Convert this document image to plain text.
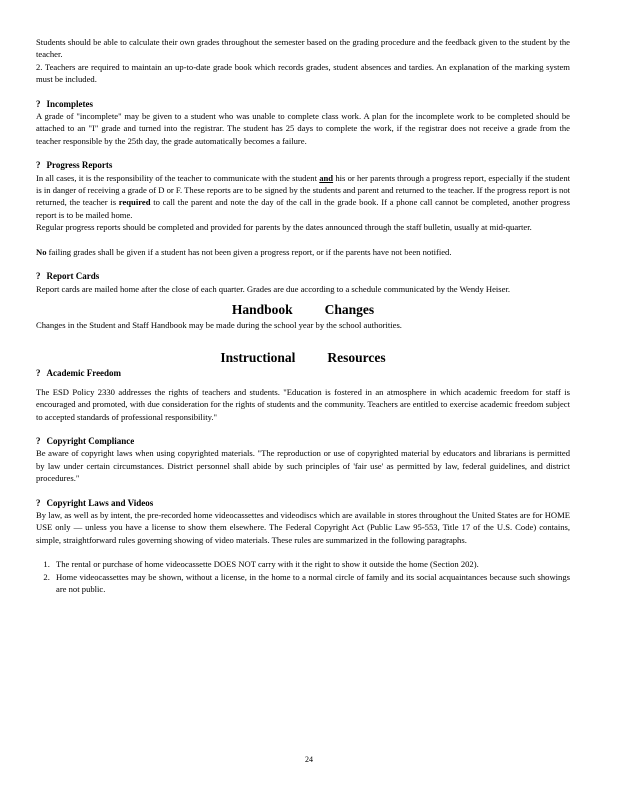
Students should be able to calculate their own grades throughout the semester based on the grading procedure and the feedback given to the student by the teacher.

2. Teachers are required to maintain an up-to-date grade book which records grades, student absences and tardies. An explanation of the marking system must be included.

? Incompletes

A grade of "incomplete" may be given to a student who was unable to complete class work. A plan for the incomplete work to be completed should be attached to an "I" grade and turned into the registrar. The student has 25 days to complete the work, if the registrar does not receive a grade from the teacher responsible by the 25th day, the grade automatically becomes a failure.

? Progress Reports

In all cases, it is the responsibility of the teacher to communicate with the student and his or her parents through a progress report, especially if the student is in danger of receiving a grade of D or F. These reports are to be signed by the students and parent and returned to the teacher. If the progress report is not returned, the teacher is required to call the parent and note the day of the call in the grade book. If a phone call cannot be completed, another progress report is to be mailed home.

Regular progress reports should be completed and provided for parents by the dates announced through the staff bulletin, usually at mid-quarter.

No failing grades shall be given if a student has not been given a progress report, or if the parents have not been notified.

? Report Cards

Report cards are mailed home after the close of each quarter. Grades are due according to a schedule communicated by the Wendy Heiser.

Handbook Changes

Changes in the Student and Staff Handbook may be made during the school year by the school authorities.

Instructional Resources
? Academic Freedom

The ESD Policy 2330 addresses the rights of teachers and students. "Education is fostered in an atmosphere in which academic freedom for staff is encouraged and promoted, with due consideration for the rights of students and the community. Teachers are entitled to exercise academic freedom subject to accepted standards of professional responsibility."

? Copyright Compliance

Be aware of copyright laws when using copyrighted materials. "The reproduction or use of copyrighted material by educators and librarians is permitted by law under certain circumstances. District personnel shall abide by such principles of 'fair use' as permitted by law, federal guidelines, and district procedures."

? Copyright Laws and Videos

By law, as well as by intent, the pre-recorded home videocassettes and videodiscs which are available in stores throughout the United States are for HOME USE only — unless you have a license to show them elsewhere. The Federal Copyright Act (Public Law 95-553, Title 17 of the U.S. Code) contains, simple, straightforward rules governing showing of video materials. These rules are summarized in the following paragraphs.

1. The rental or purchase of home videocassette DOES NOT carry with it the right to show it outside the home (Section 202).
2. Home videocassettes may be shown, without a license, in the home to a normal circle of family and its social acquaintances because such showings are not public.
24
